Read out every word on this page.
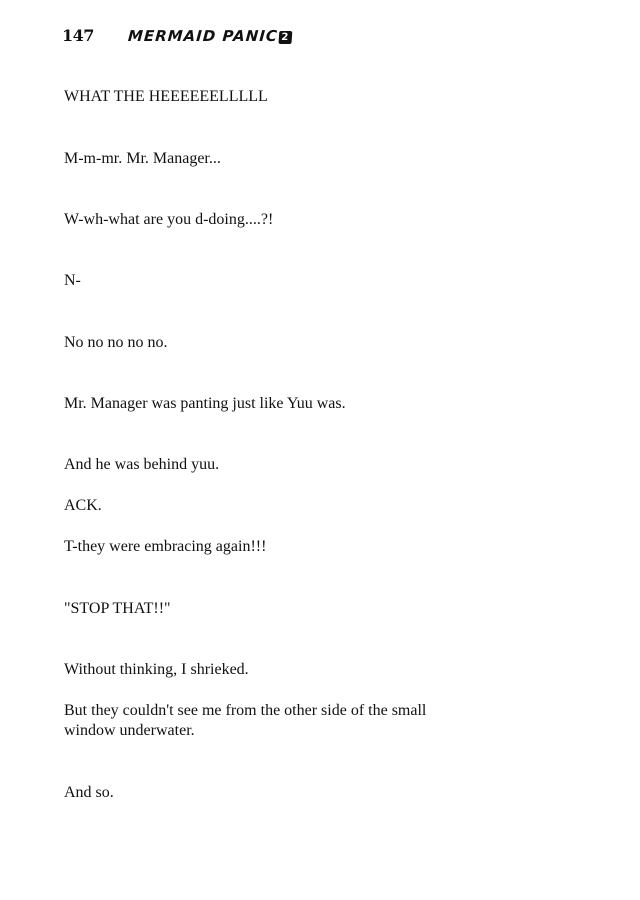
147 MERMAID PANIC 2
WHAT THE HEEEEEELLLLL
M-m-mr. Mr. Manager...
W-wh-what are you d-doing....?!
N-
No no no no no.
Mr. Manager was panting just like Yuu was.
And he was behind yuu.
ACK.
T-they were embracing again!!!
"STOP THAT!!"
Without thinking, I shrieked.
But they couldn't see me from the other side of the small window underwater.
And so.
